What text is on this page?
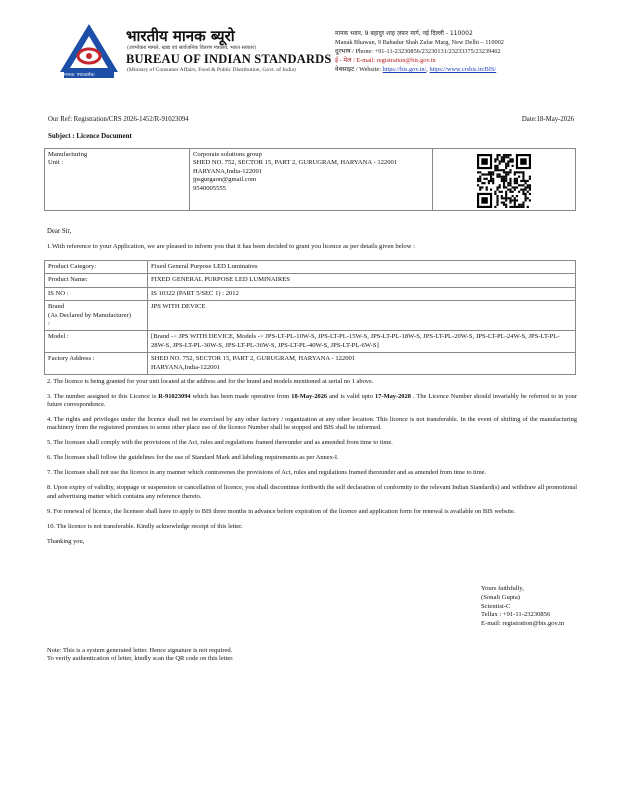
मानक: पथप्रदर्शक:
भारतीय मानक ब्यूरो
(उपभोक्ता मामले, खाद्य एवं सार्वजनिक वितरण मंत्रालय, भारत सरकार)
BUREAU OF INDIAN STANDARDS
(Ministry of Consumer Affairs, Food & Public Distribution, Govt. of India)
मानक भवन, 9 बहादुर शाह ज़फ़र मार्ग, नई दिल्ली - 110002
Manak Bhawan, 9 Bahadur Shah Zafar Marg, New Delhi – 110002
दूरभाष / Phone: +91-11-23230856/23230131/23233375/23239402
ई - मेल / E-mail: registration@bis.gov.in
वेबसाइट / Website: https://bis.gov.in/, https://www.crsbis.in/BIS/
Our Ref: Registration/CRS 2026-1452/R-91023094	Date:18-May-2026
Subject : Licence Document
Manufacturing
Unit :

Corporate solutions group
SHED NO. 752, SECTOR 15, PART 2, GURUGRAM, HARYANA - 122001
HARYANA,India-122001
jpsgurgaon@gmail.com
9540005555

Dear Sir,
1.With reference to your Application, we are pleased to inform you that it has been decided to grant you licence as per details given below :
Product Category:	Fixed General Purpose LED Luminaires
Product Name:	FIXED GENERAL PURPOSE LED LUMINAIRES
IS NO :	IS 10322 (PART 5/SEC 1) : 2012
Brand
(As Declared by Manufacturer)
:	JPS WITH DEVICE
Model :	[Brand -> JPS WITH DEVICE, Models -> JPS-LT-PL-10W-S, JPS-LT-PL-15W-S, JPS-LT-PL-18W-S, JPS-LT-PL-20W-S, JPS-LT-PL-24W-S, JPS-LT-PL-28W-S, JPS-LT-PL-30W-S, JPS-LT-PL-36W-S, JPS-LT-PL-40W-S, JPS-LT-PL-6W-S]
Factory Address :	SHED NO. 752, SECTOR 15, PART 2, GURUGRAM, HARYANA - 122001
HARYANA,India-122001

2. The licence is being granted for your unit located at the address and for the brand and models mentioned at serial no 1 above.

3. The number assigned to this Licence is R-91023094 which has been made operative from 18-May-2026 and is valid upto 17-May-2028 . The Licence Number should invariably be referred to in your future correspondence.

4. The rights and privileges under the licence shall not be exercised by any other factory / organization at any other location. This licence is not transferable. In the event of shifting of the manufacturing machinery from the registered premises to some other place use of the licence Number shall be stopped and BIS shall be informed.

5. The licensee shall comply with the provisions of the Act, rules and regulations framed thereunder and as amended from time to time.

6. The licensee shall follow the guidelines for the use of Standard Mark and labeling requirements as per Annex-I.

7. The licensee shall not use the licence in any manner which contravenes the provisions of Act, rules and regulations framed thereunder and as amended from time to time.

8. Upon expiry of validity, stoppage or suspension or cancellation of licence, you shall discontinue forthwith the self declaration of conformity to the relevant Indian Standard(s) and withdraw all promotional and advertising matter which contains any reference thereto.

9. For renewal of licence, the licensee shall have to apply to BIS three months in advance before expiration of the licence and application form for renewal is available on BIS website.

10. The licence is not transferable. Kindly acknowledge receipt of this letter.

Thanking you,

Yours faithfully,
(Sonali Gupta)
Scientist-C
Telfax : +91-11-23230856
E-mail: registration@bis.gov.in
Note: This is a system generated letter. Hence signature is not required.
To verify authentication of letter, kindly scan the QR code on this letter.
